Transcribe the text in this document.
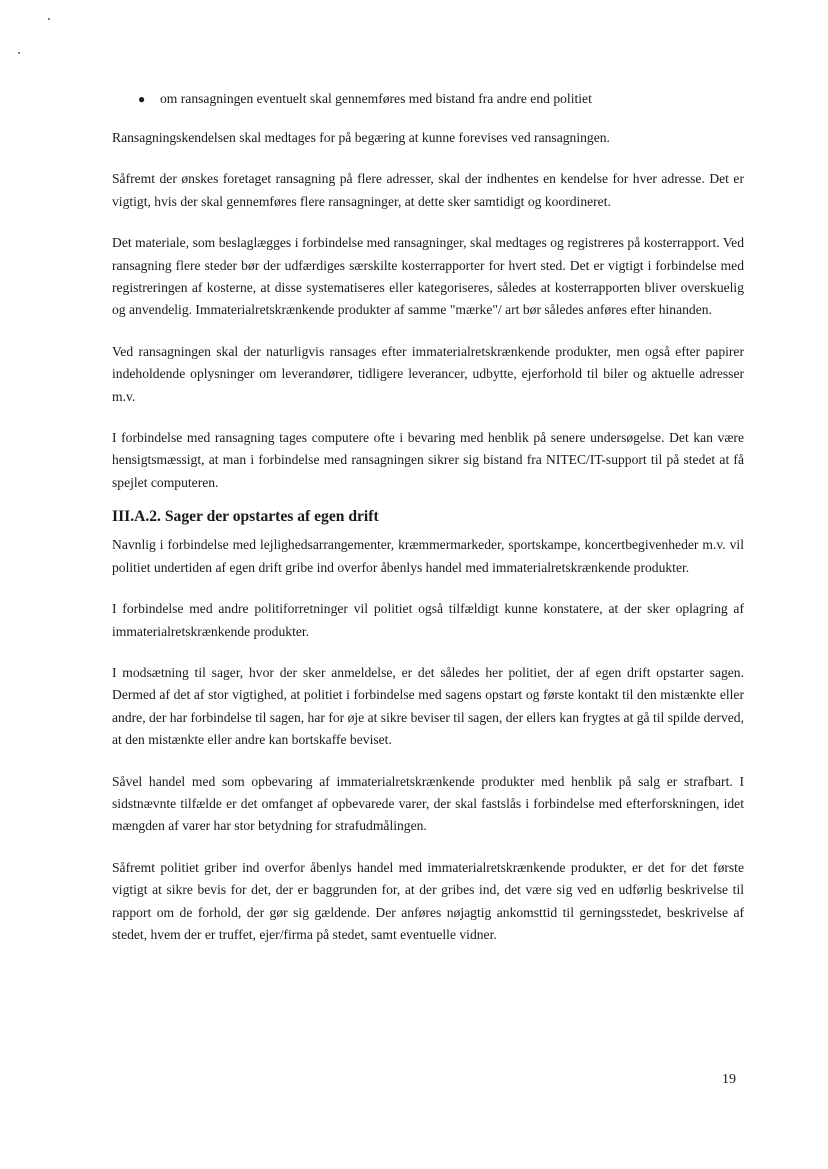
●	om ransagningen eventuelt skal gennemføres med bistand fra andre end politiet

Ransagningskendelsen skal medtages for på begæring at kunne forevises ved ransagningen.

Såfremt der ønskes foretaget ransagning på flere adresser, skal der indhentes en kendelse for hver adresse. Det er vigtigt, hvis der skal gennemføres flere ransagninger, at dette sker samtidigt og koordineret.

Det materiale, som beslaglægges i forbindelse med ransagninger, skal medtages og registreres på kosterrapport. Ved ransagning flere steder bør der udfærdiges særskilte kosterrapporter for hvert sted. Det er vigtigt i forbindelse med registreringen af kosterne, at disse systematiseres eller kategoriseres, således at kosterrapporten bliver overskuelig og anvendelig. Immaterialretskrænkende produkter af samme "mærke"/ art bør således anføres efter hinanden.

Ved ransagningen skal der naturligvis ransages efter immaterialretskrænkende produkter, men også efter papirer indeholdende oplysninger om leverandører, tidligere leverancer, udbytte, ejerforhold til biler og aktuelle adresser m.v.

I forbindelse med ransagning tages computere ofte i bevaring med henblik på senere undersøgelse. Det kan være hensigtsmæssigt, at man i forbindelse med ransagningen sikrer sig bistand fra NITEC/IT-support til på stedet at få spejlet computeren.

III.A.2. Sager der opstartes af egen drift

Navnlig i forbindelse med lejlighedsarrangementer, kræmmermarkeder, sportskampe, koncertbegivenheder m.v. vil politiet undertiden af egen drift gribe ind overfor åbenlys handel med immaterialretskrænkende produkter.

I forbindelse med andre politiforretninger vil politiet også tilfældigt kunne konstatere, at der sker oplagring af immaterialretskrænkende produkter.

I modsætning til sager, hvor der sker anmeldelse, er det således her politiet, der af egen drift opstarter sagen. Dermed af det af stor vigtighed, at politiet i forbindelse med sagens opstart og første kontakt til den mistænkte eller andre, der har forbindelse til sagen, har for øje at sikre beviser til sagen, der ellers kan frygtes at gå til spilde derved, at den mistænkte eller andre kan bortskaffe beviset.

Såvel handel med som opbevaring af immaterialretskrænkende produkter med henblik på salg er strafbart. I sidstnævnte tilfælde er det omfanget af opbevarede varer, der skal fastslås i forbindelse med efterforskningen, idet mængden af varer har stor betydning for strafudmålingen.

Såfremt politiet griber ind overfor åbenlys handel med immaterialretskrænkende produkter, er det for det første vigtigt at sikre bevis for det, der er baggrunden for, at der gribes ind, det være sig ved en udførlig beskrivelse til rapport om de forhold, der gør sig gældende. Der anføres nøjagtig ankomsttid til gerningsstedet, beskrivelse af stedet, hvem der er truffet, ejer/firma på stedet, samt eventuelle vidner.

19
